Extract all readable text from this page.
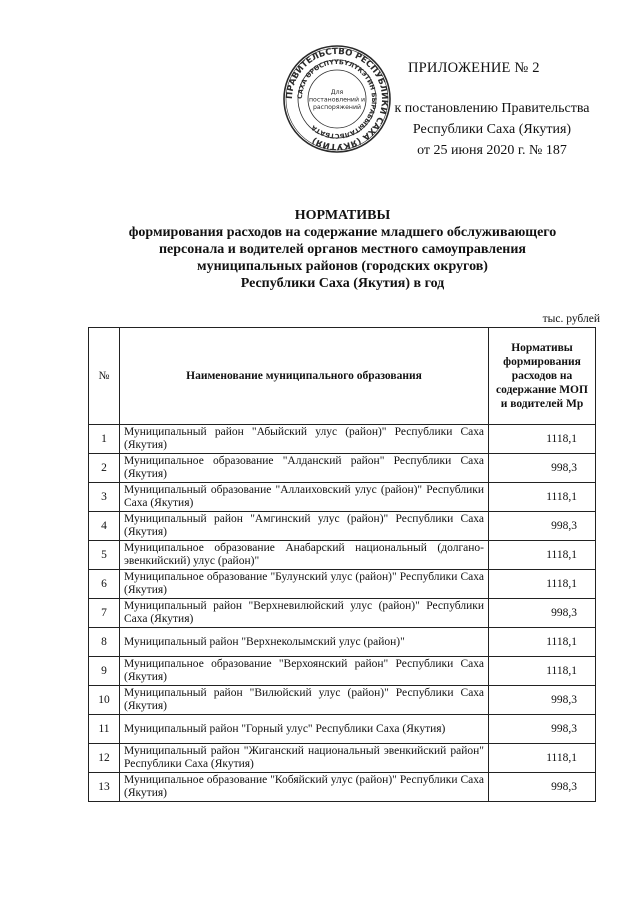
ПРАВИТЕЛЬСТВО РЕСПУБЛИКИ САХА (ЯКУТИЯ)
САХА ӨРӨСПҮҮБҮЛҮКЭТИН БЫРАБЫЫТАЛЬСТБАТА
Для
постановлений и
распоряжений
ПРИЛОЖЕНИЕ № 2
к постановлению Правительства
Республики Саха (Якутия)
от 25 июня 2020 г. № 187
НОРМАТИВЫ
формирования расходов на содержание младшего обслуживающего
персонала и водителей органов местного самоуправления
муниципальных районов (городских округов)
Республики Саха (Якутия) в год
тыс. рублей
№	Наименование муниципального образования	Нормативы формирования расходов на содержание МОП и водителей Mp
1	Муниципальный район "Абыйский улус (район)" Республики Саха (Якутия)	1118,1
2	Муниципальное образование "Алданский район" Республики Саха (Якутия)	998,3
3	Муниципальный образование "Аллаиховский улус (район)" Республики Саха (Якутия)	1118,1
4	Муниципальный район "Амгинский улус (район)" Республики Саха (Якутия)	998,3
5	Муниципальное образование Анабарский национальный (долгано-эвенкийский) улус (район)"	1118,1
6	Муниципальное образование "Булунский улус (район)" Республики Саха (Якутия)	1118,1
7	Муниципальный район "Верхневилюйский улус (район)" Республики Саха (Якутия)	998,3
8	Муниципальный район "Верхнеколымский улус (район)"	1118,1
9	Муниципальное образование "Верхоянский район" Республики Саха (Якутия)	1118,1
10	Муниципальный район "Вилюйский улус (район)" Республики Саха (Якутия)	998,3
11	Муниципальный район "Горный улус" Республики Саха (Якутия)	998,3
12	Муниципальный район "Жиганский национальный эвенкийский район" Республики Саха (Якутия)	1118,1
13	Муниципальное образование "Кобяйский улус (район)" Республики Саха (Якутия)	998,3
